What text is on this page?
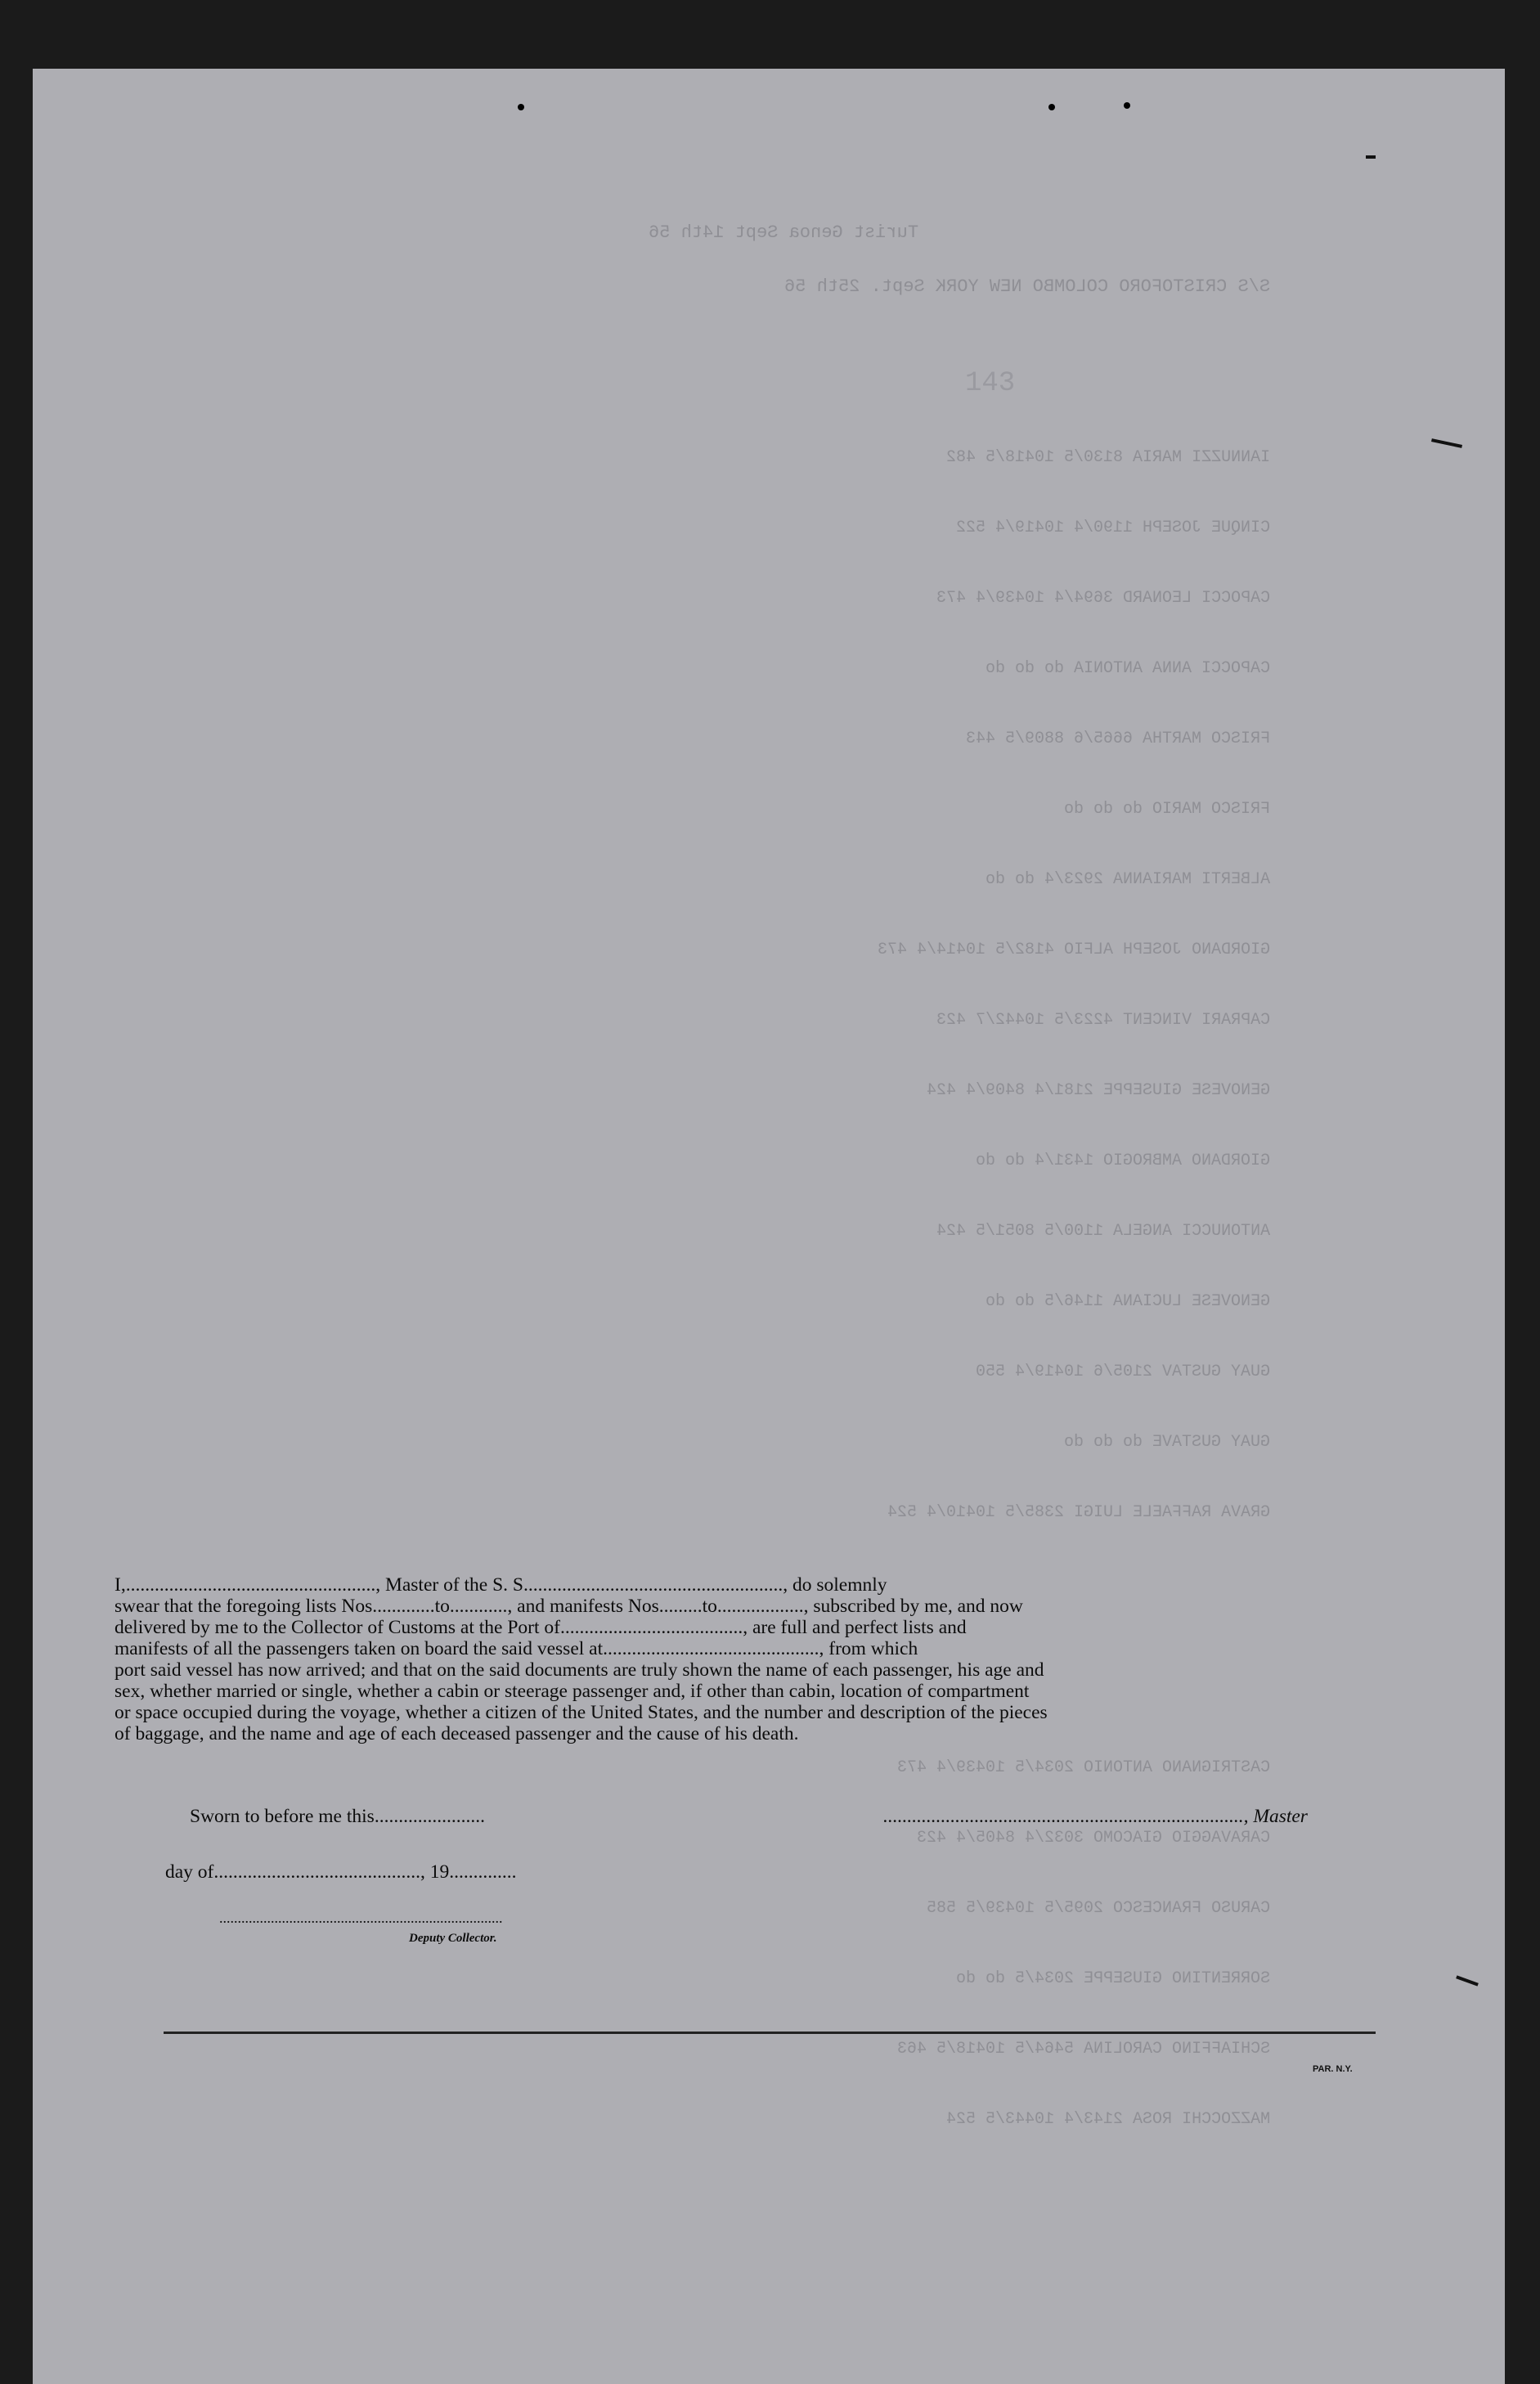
Turist Genoa Sept 14th 56
S/S CRISTOFORO COLOMBO NEW YORK Sept. 25th 56
IANNUZZI MARIA 8130/5 10418/5 482
CINQUE JOSEPH 1190/4 10419/4 522
CAPOCCI LEONARD 3694/4 10439/4 473
CAPOCCI ANNA ANTONIA do do do
FRISCO MARTHA 6665/6 8809/5 443
FRISCO MARIO do do do
ALBERTI MARIANNA 2923/4 do do
GIORDANO JOSEPH ALFIO 4182/5 10414/4 473
CAPRARI VINCENT 4223/5 10442/7 423
GENOVESE GIUSEPPE 2181/4 8409/4 424
GIORDANO AMBROGIO 1431/4 do do
ANTONUCCI ANGELA 1100/5 8051/5 424
GENOVESE LUCIANA 1146/5 do do
GUAY GUSTAV 2105/6 10419/4 550
GUAY GUSTAVE do do do
GRAVA RAFFAELE LUIGI 2385/5 10410/4 524
CASTRIGNANO ANTONIO 2034/5 10439/4 473
CARAVAGGIO GIACOMO 3032/4 8405/4 423
CARUSO FRANCESCO 2095/5 10439/5 585
SORRENTINO GIUSEPPE 2034/5 do do
SCHIAFFINO CAROLINA 5464/5 10418/5 463
MAZZOCCHI ROSA 2143/4 10443/5 524
143

I,...................................................., Master of the S. S......................................................, do solemnly

swear that the foregoing lists Nos.............to............, and manifests Nos.........to.................., subscribed by me, and now

delivered by me to the Collector of Customs at the Port of......................................, are full and perfect lists and

manifests of all the passengers taken on board the said vessel at............................................., from which

port said vessel has now arrived; and that on the said documents are truly shown the name of each passenger, his age and

sex, whether married or single, whether a cabin or steerage passenger and, if other than cabin, location of compartment

or space occupied during the voyage, whether a citizen of the United States, and the number and description of the pieces

of baggage, and the name and age of each deceased passenger and the cause of his death.

Sworn to before me this.......................	..........................................................................., Master
day of..........................................., 19..............
.............................................................................
Deputy Collector.
PAR. N.Y.
